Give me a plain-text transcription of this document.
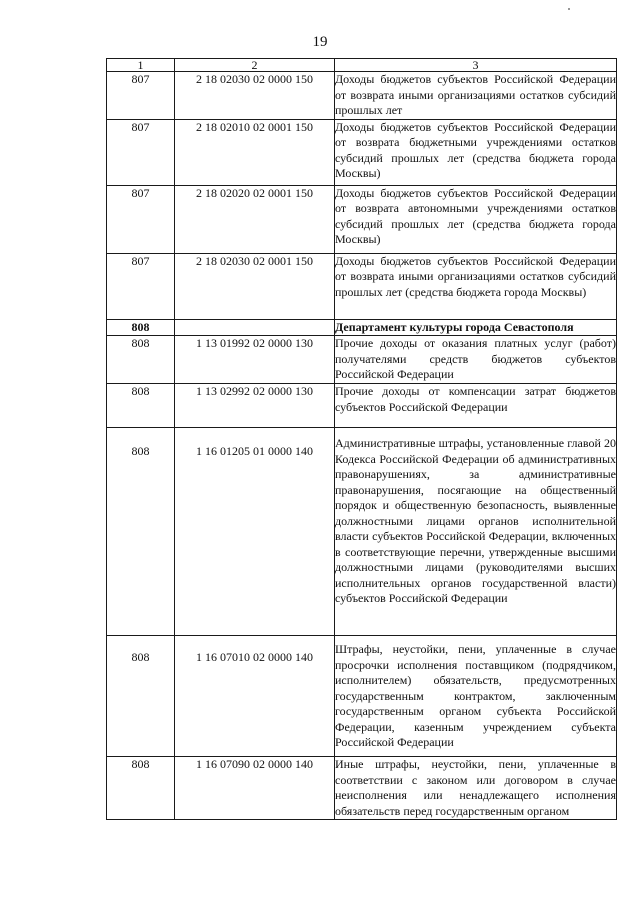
19
1	2	3
807	2 18 02030 02 0000 150	Доходы бюджетов субъектов Российской Федерации от возврата иными организациями остатков субсидий прошлых лет
807	2 18 02010 02 0001 150	Доходы бюджетов субъектов Российской Федерации от возврата бюджетными учреждениями остатков субсидий прошлых лет (средства бюджета города Москвы)
807	2 18 02020 02 0001 150	Доходы бюджетов субъектов Российской Федерации от возврата автономными учреждениями остатков субсидий прошлых лет (средства бюджета города Москвы)
807	2 18 02030 02 0001 150	Доходы бюджетов субъектов Российской Федерации от возврата иными организациями остатков субсидий прошлых лет (средства бюджета города Москвы)
808		Департамент культуры города Севастополя
808	1 13 01992 02 0000 130	Прочие доходы от оказания платных услуг (работ) получателями средств бюджетов субъектов Российской Федерации
808	1 13 02992 02 0000 130	Прочие доходы от компенсации затрат бюджетов субъектов Российской Федерации
808	1 16 01205 01 0000 140	Административные штрафы, установленные главой 20 Кодекса Российской Федерации об административных правонарушениях, за административные правонарушения, посягающие на общественный порядок и общественную безопасность, выявленные должностными лицами органов исполнительной власти субъектов Российской Федерации, включенных в соответствующие перечни, утвержденные высшими должностными лицами (руководителями высших исполнительных органов государственной власти) субъектов Российской Федерации
808	1 16 07010 02 0000 140	Штрафы, неустойки, пени, уплаченные в случае просрочки исполнения поставщиком (подрядчиком, исполнителем) обязательств, предусмотренных государственным контрактом, заключенным государственным органом субъекта Российской Федерации, казенным учреждением субъекта Российской Федерации
808	1 16 07090 02 0000 140	Иные штрафы, неустойки, пени, уплаченные в соответствии с законом или договором в случае неисполнения или ненадлежащего исполнения обязательств перед государственным органом
